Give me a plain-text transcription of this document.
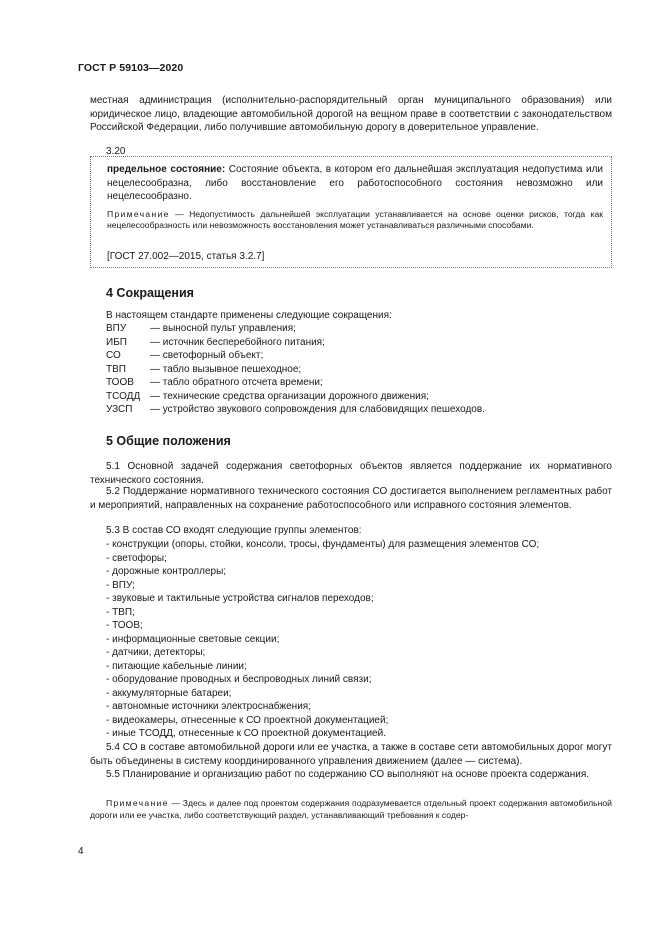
ГОСТ Р 59103—2020
местная администрация (исполнительно-распорядительный орган муниципального образования) или юридическое лицо, владеющие автомобильной дорогой на вещном праве в соответствии с законодательством Российской Федерации, либо получившие автомобильную дорогу в доверительное управление.
3.20
предельное состояние: Состояние объекта, в котором его дальнейшая эксплуатация недопустима или нецелесообразна, либо восстановление его работоспособного состояния невозможно или нецелесообразно.
Примечание — Недопустимость дальнейшей эксплуатации устанавливается на основе оценки рисков, тогда как нецелесообразность или невозможность восстановления может устанавливаться различными способами.
[ГОСТ 27.002—2015, статья 3.2.7]
4 Сокращения
В настоящем стандарте применены следующие сокращения:
ВПУ	— выносной пульт управления;
ИБП	— источник бесперебойного питания;
СО	— светофорный объект;
ТВП	— табло вызывное пешеходное;
ТООВ	— табло обратного отсчета времени;
ТСОДД — технические средства организации дорожного движения;
УЗСП	— устройство звукового сопровождения для слабовидящих пешеходов.
5 Общие положения
5.1 Основной задачей содержания светофорных объектов является поддержание их нормативного технического состояния.
5.2 Поддержание нормативного технического состояния СО достигается выполнением регламентных работ и мероприятий, направленных на сохранение работоспособного или исправного состояния элементов.
5.3 В состав СО входят следующие группы элементов:
- конструкции (опоры, стойки, консоли, тросы, фундаменты) для размещения элементов СО;
- светофоры;
- дорожные контроллеры;
- ВПУ;
- звуковые и тактильные устройства сигналов переходов;
- ТВП;
- ТООВ;
- информационные световые секции;
- датчики, детекторы;
- питающие кабельные линии;
- оборудование проводных и беспроводных линий связи;
- аккумуляторные батареи;
- автономные источники электроснабжения;
- видеокамеры, отнесенные к СО проектной документацией;
- иные ТСОДД, отнесенные к СО проектной документацией.
5.4 СО в составе автомобильной дороги или ее участка, а также в составе сети автомобильных дорог могут быть объединены в систему координированного управления движением (далее — система).
5.5 Планирование и организацию работ по содержанию СО выполняют на основе проекта содержания.
Примечание — Здесь и далее под проектом содержания подразумевается отдельный проект содержания автомобильной дороги или ее участка, либо соответствующий раздел, устанавливающий требования к содер-
4
